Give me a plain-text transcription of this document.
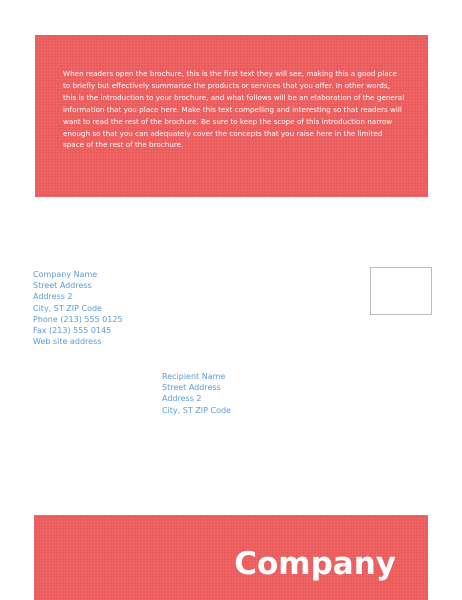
When readers open the brochure, this is the first text they will see, making this a good place to briefly but effectively summarize the products or services that you offer. In other words, this is the introduction to your brochure, and what follows will be an elaboration of the general information that you place here. Make this text compelling and interesting so that readers will want to read the rest of the brochure. Be sure to keep the scope of this introduction narrow enough so that you can adequately cover the concepts that you raise here in the limited space of the rest of the brochure.

Company Name
Street Address
Address 2
City, ST ZIP Code
Phone (213) 555 0125
Fax (213) 555 0145
Web site address
Recipient Name
Street Address
Address 2
City, ST ZIP Code
Company
